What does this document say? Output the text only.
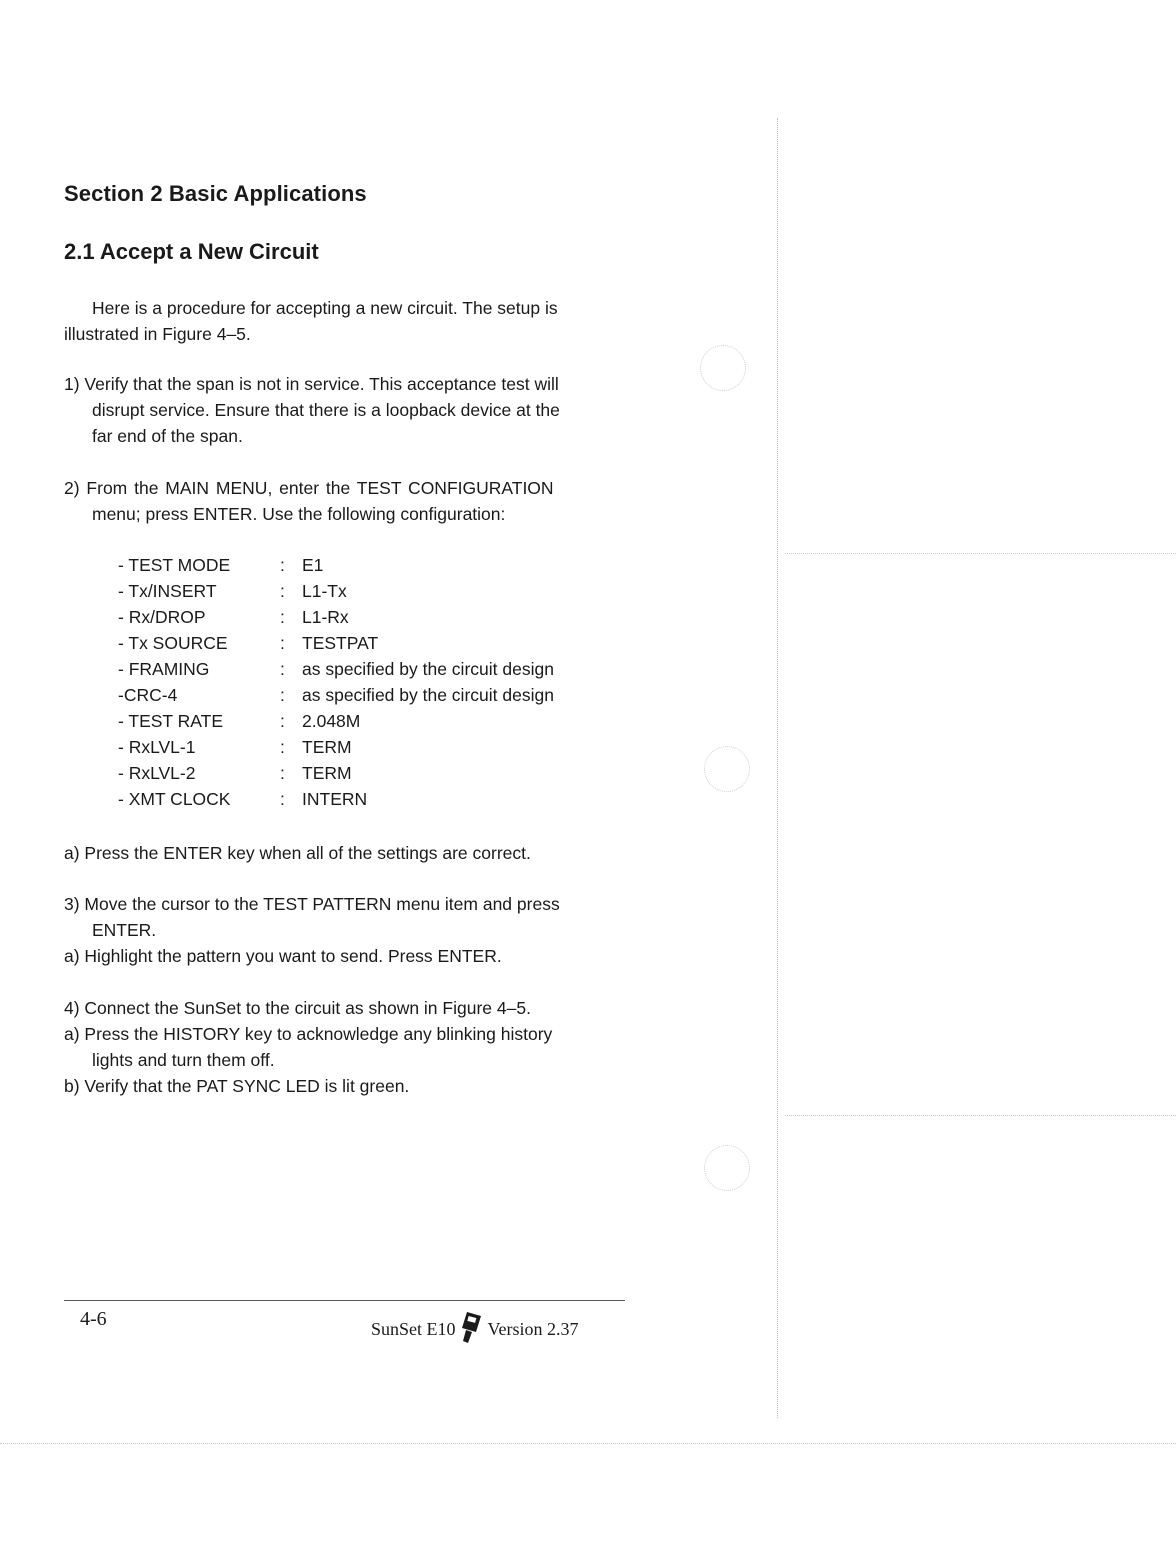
Section 2 Basic Applications
2.1 Accept a New Circuit
Here is a procedure for accepting a new circuit. The setup is
illustrated in Figure 4–5.
1) Verify that the span is not in service. This acceptance test will
disrupt service. Ensure that there is a loopback device at the
far end of the span.
2) From the MAIN MENU, enter the TEST CONFIGURATION
menu; press ENTER. Use the following configuration:
- TEST MODE	: E1
- Tx/INSERT	: L1-Tx
- Rx/DROP	: L1-Rx
- Tx SOURCE	: TESTPAT
- FRAMING	: as specified by the circuit design
-CRC-4	: as specified by the circuit design
- TEST RATE	: 2.048M
- RxLVL-1	: TERM
- RxLVL-2	: TERM
- XMT CLOCK	: INTERN
a) Press the ENTER key when all of the settings are correct.
3) Move the cursor to the TEST PATTERN menu item and press
ENTER.
a) Highlight the pattern you want to send. Press ENTER.
4) Connect the SunSet to the circuit as shown in Figure 4–5.
a) Press the HISTORY key to acknowledge any blinking history
lights and turn them off.
b) Verify that the PAT SYNC LED is lit green.
4-6	SunSet E10 Version 2.37
